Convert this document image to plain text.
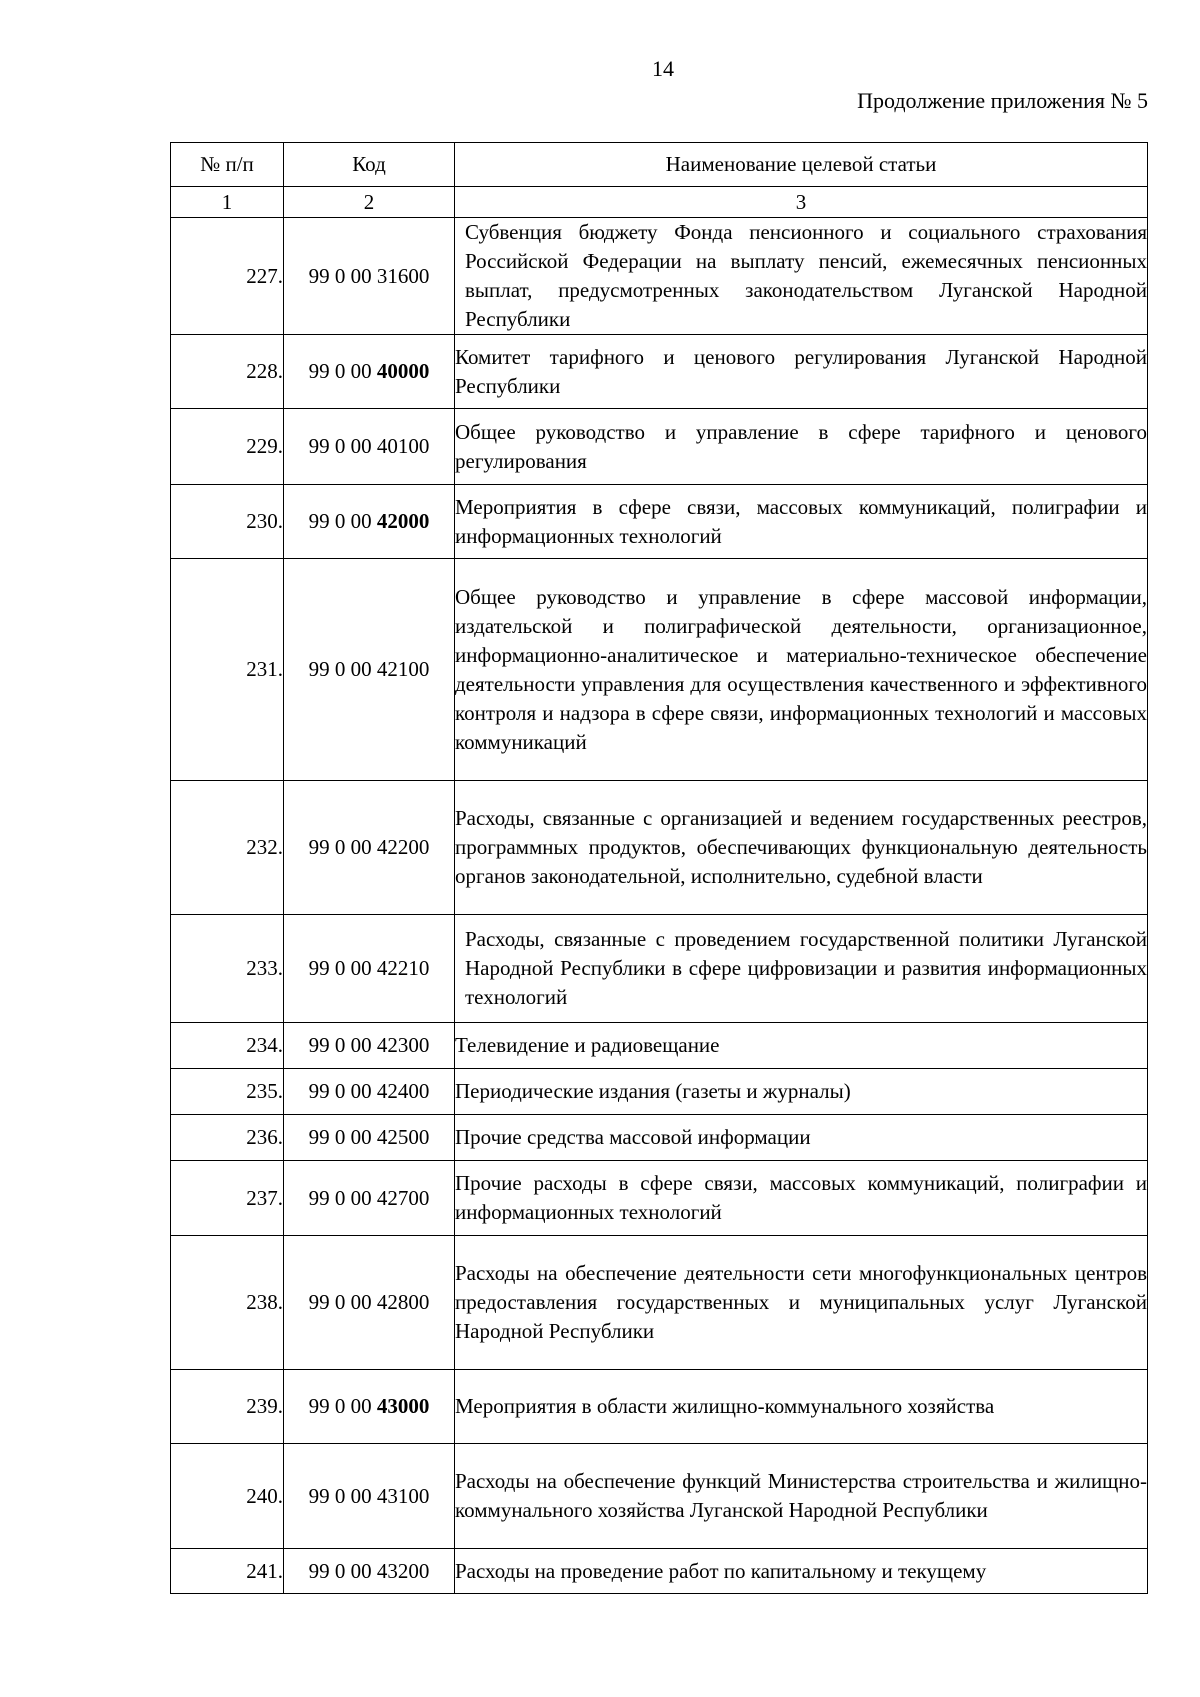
14
Продолжение приложения № 5
№ п/п	Код	Наименование целевой статьи
1	2	3
227.	99 0 00 31600	Субвенция бюджету Фонда пенсионного и социального страхования Российской Федерации на выплату пенсий, ежемесячных пенсионных выплат, предусмотренных законодательством Луганской Народной Республики
228.	99 0 00 40000	Комитет тарифного и ценового регулирования Луганской Народной Республики
229.	99 0 00 40100	Общее руководство и управление в сфере тарифного и ценового регулирования
230.	99 0 00 42000	Мероприятия в сфере связи, массовых коммуникаций, полиграфии и информационных технологий
231.	99 0 00 42100	Общее руководство и управление в сфере массовой информации, издательской и полиграфической деятельности, организационное, информационно-аналитическое и материально-техническое обеспечение деятельности управления для осуществления качественного и эффективного контроля и надзора в сфере связи, информационных технологий и массовых коммуникаций
232.	99 0 00 42200	Расходы, связанные с организацией и ведением государственных реестров, программных продуктов, обеспечивающих функциональную деятельность органов законодательной, исполнительно, судебной власти
233.	99 0 00 42210	Расходы, связанные с проведением государственной политики Луганской Народной Республики в сфере цифровизации и развития информационных технологий
234.	99 0 00 42300	Телевидение и радиовещание
235.	99 0 00 42400	Периодические издания (газеты и журналы)
236.	99 0 00 42500	Прочие средства массовой информации
237.	99 0 00 42700	Прочие расходы в сфере связи, массовых коммуникаций, полиграфии и информационных технологий
238.	99 0 00 42800	Расходы на обеспечение деятельности сети многофункциональных центров предоставления государственных и муниципальных услуг Луганской Народной Республики
239.	99 0 00 43000	Мероприятия в области жилищно-коммунального хозяйства
240.	99 0 00 43100	Расходы на обеспечение функций Министерства строительства и жилищно-коммунального хозяйства Луганской Народной Республики
241.	99 0 00 43200	Расходы на проведение работ по капитальному и текущему
